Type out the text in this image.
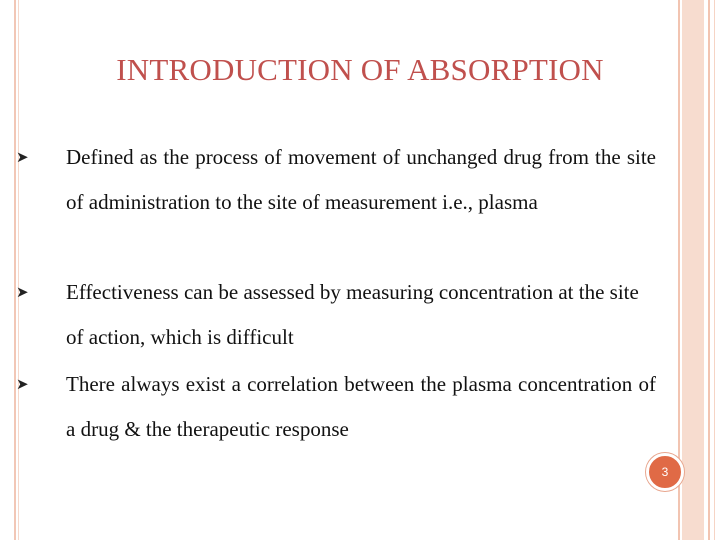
INTRODUCTION OF ABSORPTION
➤	Defined as the process of movement of unchanged drug from the site of administration to the site of measurement i.e., plasma
➤	Effectiveness can be assessed by measuring concentration at the site of action, which is difficult
➤	There always exist a correlation between the plasma concentration of a drug & the therapeutic response
3
